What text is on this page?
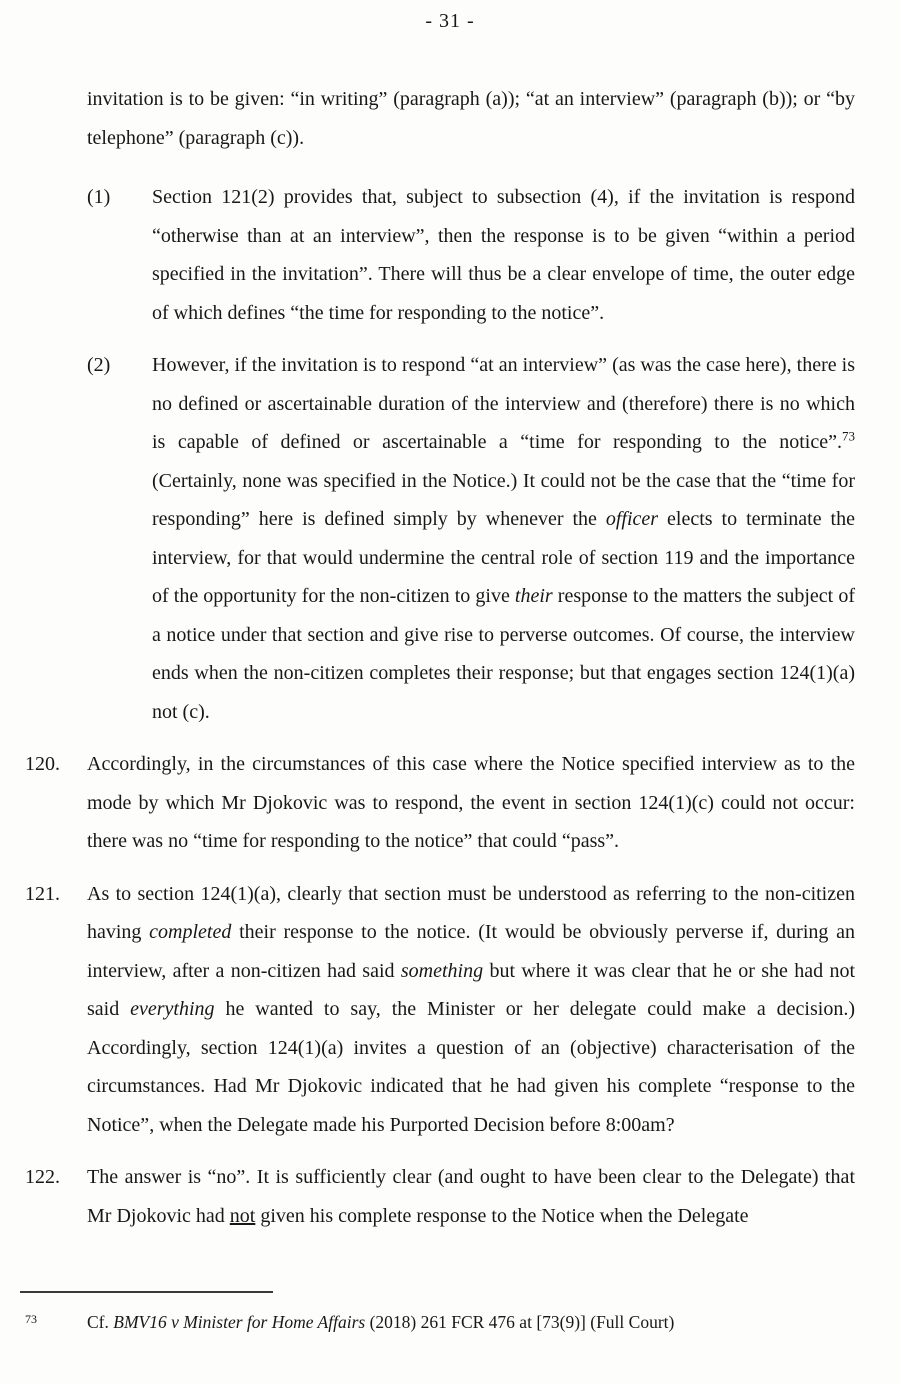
- 31 -
invitation is to be given: “in writing” (paragraph (a)); “at an interview” (paragraph (b)); or “by telephone” (paragraph (c)).
(1) Section 121(2) provides that, subject to subsection (4), if the invitation is respond “otherwise than at an interview”, then the response is to be given “within a period specified in the invitation”. There will thus be a clear envelope of time, the outer edge of which defines “the time for responding to the notice”.
(2) However, if the invitation is to respond “at an interview” (as was the case here), there is no defined or ascertainable duration of the interview and (therefore) there is no which is capable of defined or ascertainable a “time for responding to the notice”.$^{73}$ (Certainly, none was specified in the Notice.) It could not be the case that the “time for responding” here is defined simply by whenever the officer elects to terminate the interview, for that would undermine the central role of section 119 and the importance of the opportunity for the non-citizen to give their response to the matters the subject of a notice under that section and give rise to perverse outcomes. Of course, the interview ends when the non-citizen completes their response; but that engages section 124(1)(a) not (c).
120. Accordingly, in the circumstances of this case where the Notice specified interview as to the mode by which Mr Djokovic was to respond, the event in section 124(1)(c) could not occur: there was no “time for responding to the notice” that could “pass”.
121. As to section 124(1)(a), clearly that section must be understood as referring to the non-citizen having completed their response to the notice. (It would be obviously perverse if, during an interview, after a non-citizen had said something but where it was clear that he or she had not said everything he wanted to say, the Minister or her delegate could make a decision.) Accordingly, section 124(1)(a) invites a question of an (objective) characterisation of the circumstances. Had Mr Djokovic indicated that he had given his complete “response to the Notice”, when the Delegate made his Purported Decision before 8:00am?
122. The answer is “no”. It is sufficiently clear (and ought to have been clear to the Delegate) that Mr Djokovic had not given his complete response to the Notice when the Delegate
73	Cf. BMV16 v Minister for Home Affairs (2018) 261 FCR 476 at [73(9)] (Full Court)
